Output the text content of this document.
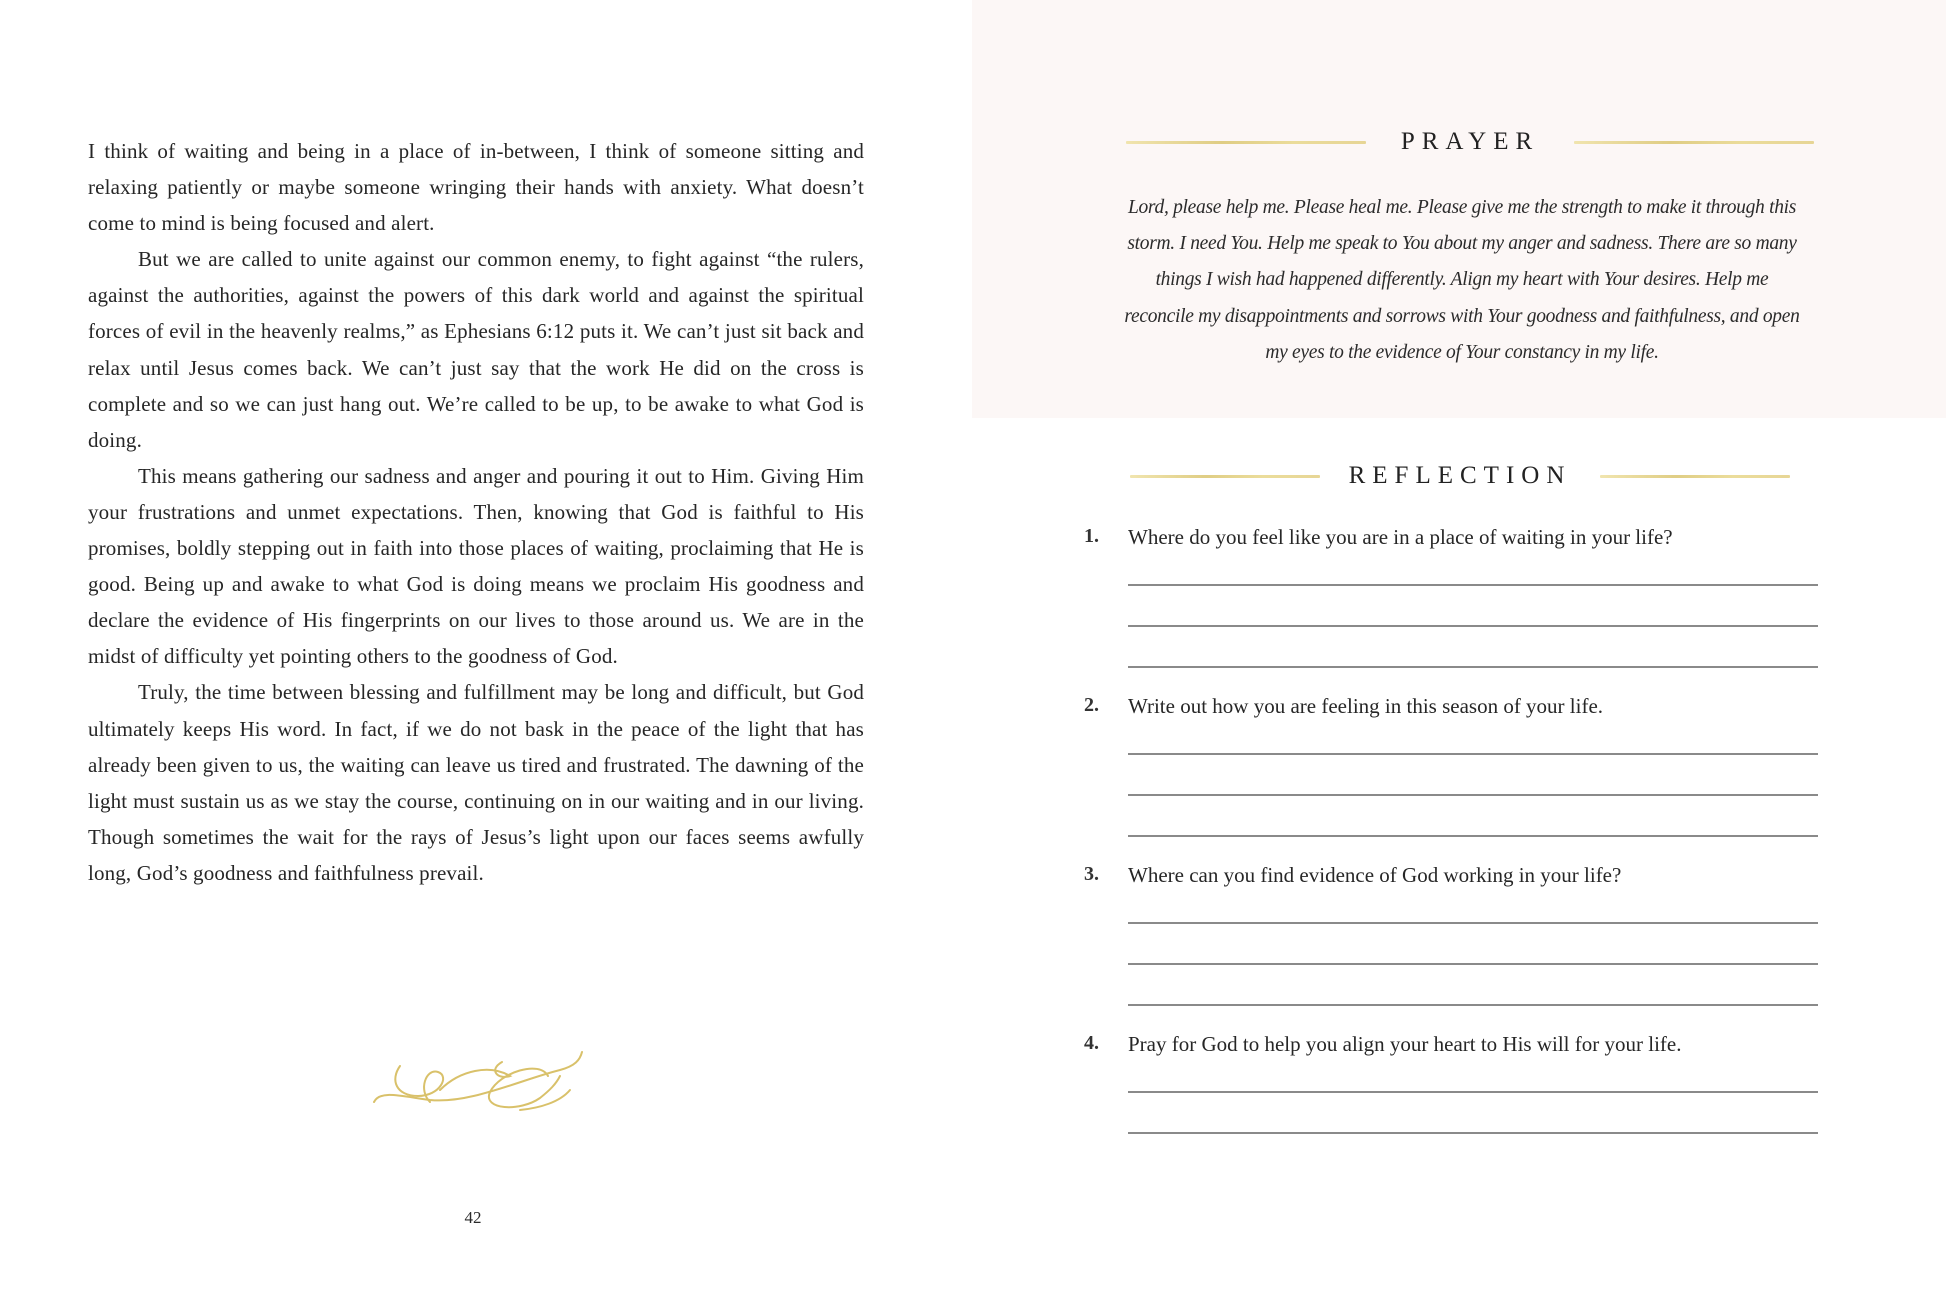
I think of waiting and being in a place of in-between, I think of someone sitting and relaxing patiently or maybe someone wringing their hands with anxiety. What doesn’t come to mind is being focused and alert.

But we are called to unite against our common enemy, to fight against “the rulers, against the authorities, against the powers of this dark world and against the spiritual forces of evil in the heavenly realms,” as Ephesians 6:12 puts it. We can’t just sit back and relax until Jesus comes back. We can’t just say that the work He did on the cross is complete and so we can just hang out. We’re called to be up, to be awake to what God is doing.

This means gathering our sadness and anger and pouring it out to Him. Giving Him your frustrations and unmet expectations. Then, knowing that God is faithful to His promises, boldly stepping out in faith into those places of waiting, proclaiming that He is good. Being up and awake to what God is doing means we proclaim His goodness and declare the evidence of His fingerprints on our lives to those around us. We are in the midst of difficulty yet pointing others to the goodness of God.

Truly, the time between blessing and fulfillment may be long and difficult, but God ultimately keeps His word. In fact, if we do not bask in the peace of the light that has already been given to us, the waiting can leave us tired and frustrated. The dawning of the light must sustain us as we stay the course, continuing on in our waiting and in our living. Though sometimes the wait for the rays of Jesus’s light upon our faces seems awfully long, God’s goodness and faithfulness prevail.

42
PRAYER
Lord, please help me. Please heal me. Please give me the strength to make it through this storm. I need You. Help me speak to You about my anger and sadness. There are so many things I wish had happened differently. Align my heart with Your desires. Help me reconcile my disappointments and sorrows with Your goodness and faithfulness, and open my eyes to the evidence of Your constancy in my life.
REFLECTION
1. Where do you feel like you are in a place of waiting in your life?
2. Write out how you are feeling in this season of your life.
3. Where can you find evidence of God working in your life?
4. Pray for God to help you align your heart to His will for your life.
